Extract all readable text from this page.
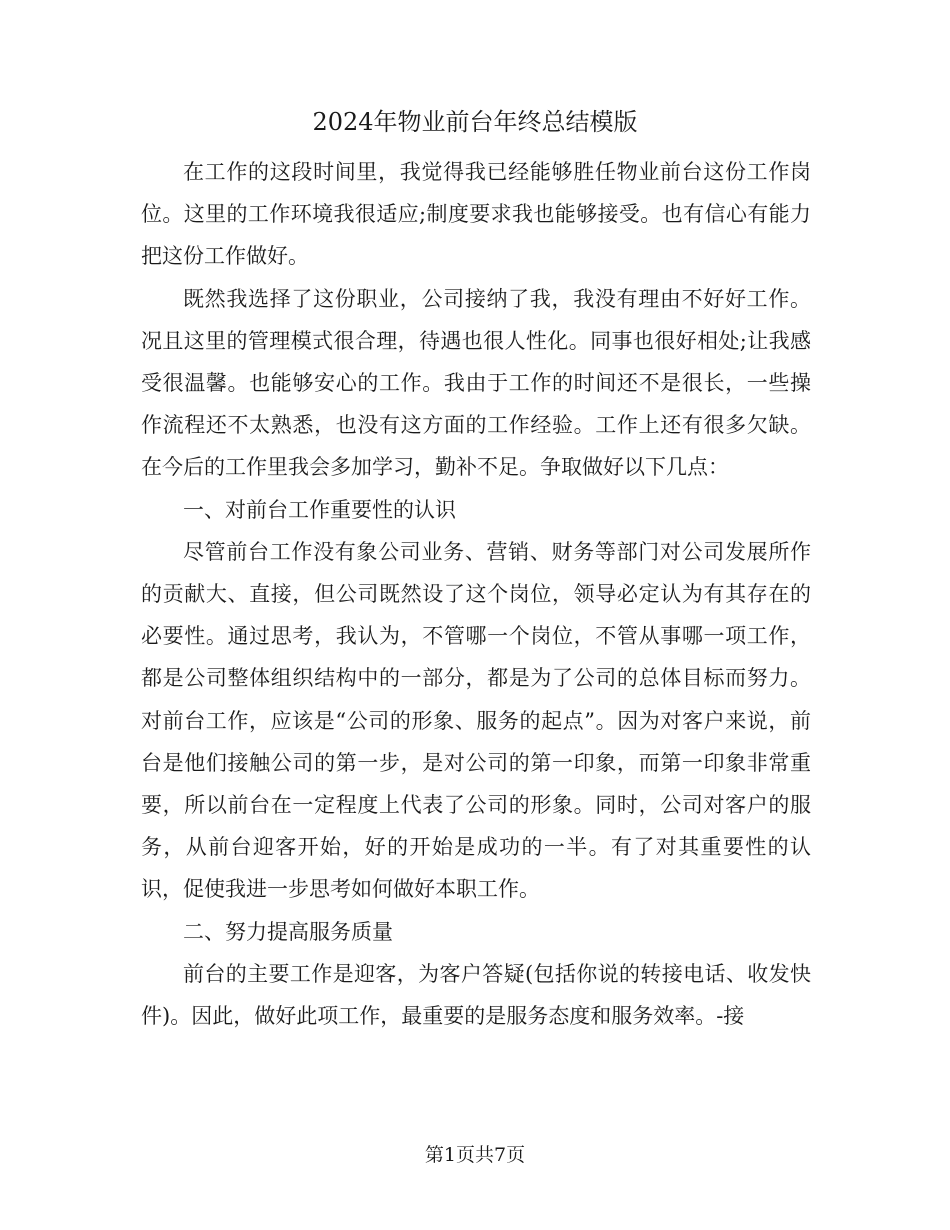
2024年物业前台年终总结模版

在工作的这段时间里，我觉得我已经能够胜任物业前台这份工作岗位。这里的工作环境我很适应;制度要求我也能够接受。也有信心有能力把这份工作做好。

既然我选择了这份职业，公司接纳了我，我没有理由不好好工作。况且这里的管理模式很合理，待遇也很人性化。同事也很好相处;让我感受很温馨。也能够安心的工作。我由于工作的时间还不是很长，一些操作流程还不太熟悉，也没有这方面的工作经验。工作上还有很多欠缺。在今后的工作里我会多加学习，勤补不足。争取做好以下几点：

一、对前台工作重要性的认识

尽管前台工作没有象公司业务、营销、财务等部门对公司发展所作的贡献大、直接，但公司既然设了这个岗位，领导必定认为有其存在的必要性。通过思考，我认为，不管哪一个岗位，不管从事哪一项工作，都是公司整体组织结构中的一部分，都是为了公司的总体目标而努力。对前台工作，应该是“公司的形象、服务的起点”。因为对客户来说，前台是他们接触公司的第一步，是对公司的第一印象，而第一印象非常重要，所以前台在一定程度上代表了公司的形象。同时，公司对客户的服务，从前台迎客开始，好的开始是成功的一半。有了对其重要性的认识，促使我进一步思考如何做好本职工作。

二、努力提高服务质量

前台的主要工作是迎客，为客户答疑(包括你说的转接电话、收发快件)。因此，做好此项工作，最重要的是服务态度和服务效率。-接

第1页共7页
